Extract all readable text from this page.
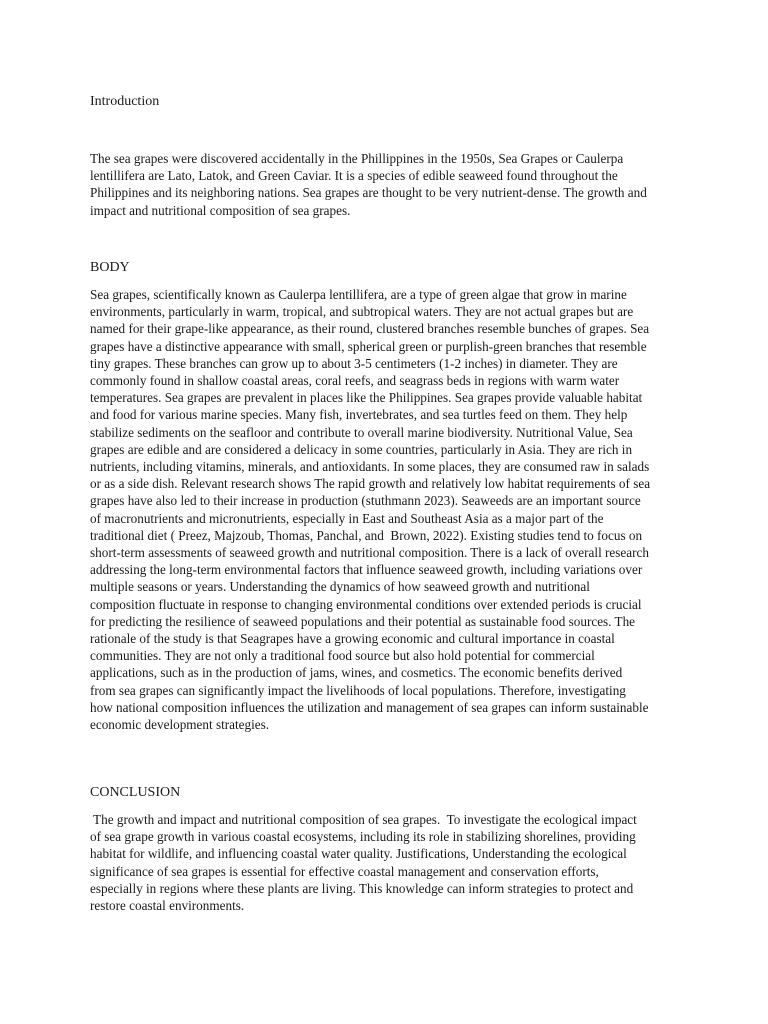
Introduction
The sea grapes were discovered accidentally in the Phillippines in the 1950s, Sea Grapes or Caulerpa
lentillifera are Lato, Latok, and Green Caviar. It is a species of edible seaweed found throughout the
Philippines and its neighboring nations. Sea grapes are thought to be very nutrient-dense. The growth and
impact and nutritional composition of sea grapes.
BODY
Sea grapes, scientifically known as Caulerpa lentillifera, are a type of green algae that grow in marine
environments, particularly in warm, tropical, and subtropical waters. They are not actual grapes but are
named for their grape-like appearance, as their round, clustered branches resemble bunches of grapes. Sea
grapes have a distinctive appearance with small, spherical green or purplish-green branches that resemble
tiny grapes. These branches can grow up to about 3-5 centimeters (1-2 inches) in diameter. They are
commonly found in shallow coastal areas, coral reefs, and seagrass beds in regions with warm water
temperatures. Sea grapes are prevalent in places like the Philippines. Sea grapes provide valuable habitat
and food for various marine species. Many fish, invertebrates, and sea turtles feed on them. They help
stabilize sediments on the seafloor and contribute to overall marine biodiversity. Nutritional Value, Sea
grapes are edible and are considered a delicacy in some countries, particularly in Asia. They are rich in
nutrients, including vitamins, minerals, and antioxidants. In some places, they are consumed raw in salads
or as a side dish. Relevant research shows The rapid growth and relatively low habitat requirements of sea
grapes have also led to their increase in production (stuthmann 2023). Seaweeds are an important source
of macronutrients and micronutrients, especially in East and Southeast Asia as a major part of the
traditional diet ( Preez, Majzoub, Thomas, Panchal, and  Brown, 2022). Existing studies tend to focus on
short-term assessments of seaweed growth and nutritional composition. There is a lack of overall research
addressing the long-term environmental factors that influence seaweed growth, including variations over
multiple seasons or years. Understanding the dynamics of how seaweed growth and nutritional
composition fluctuate in response to changing environmental conditions over extended periods is crucial
for predicting the resilience of seaweed populations and their potential as sustainable food sources. The
rationale of the study is that Seagrapes have a growing economic and cultural importance in coastal
communities. They are not only a traditional food source but also hold potential for commercial
applications, such as in the production of jams, wines, and cosmetics. The economic benefits derived
from sea grapes can significantly impact the livelihoods of local populations. Therefore, investigating
how national composition influences the utilization and management of sea grapes can inform sustainable
economic development strategies.
CONCLUSION
The growth and impact and nutritional composition of sea grapes.  To investigate the ecological impact
of sea grape growth in various coastal ecosystems, including its role in stabilizing shorelines, providing
habitat for wildlife, and influencing coastal water quality. Justifications, Understanding the ecological
significance of sea grapes is essential for effective coastal management and conservation efforts,
especially in regions where these plants are living. This knowledge can inform strategies to protect and
restore coastal environments.
